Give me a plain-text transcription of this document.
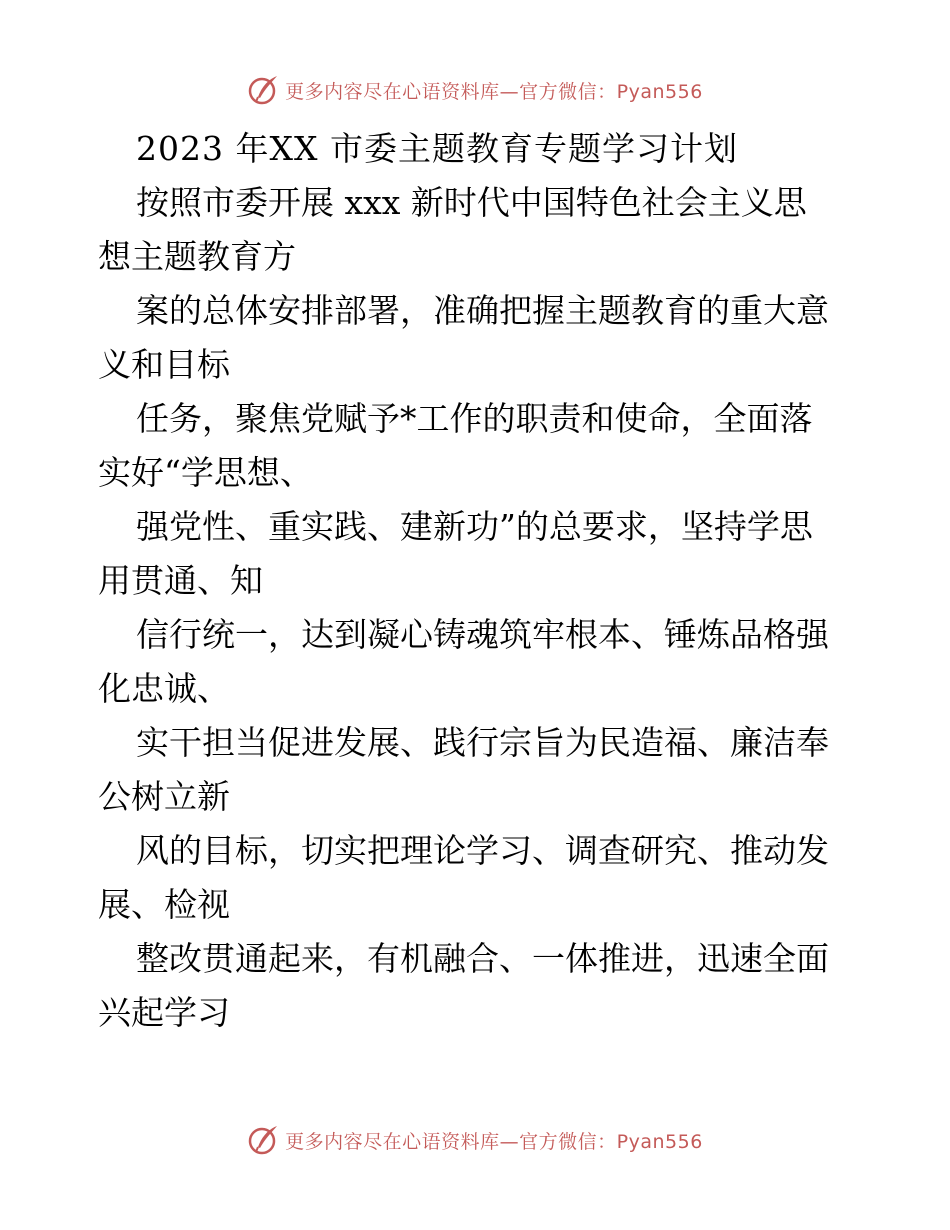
更多内容尽在心语资料库—官方微信：Pyan556
2023 年XX 市委主题教育专题学习计划
按照市委开展 xxx 新时代中国特色社会主义思
想主题教育方
案的总体安排部署，准确把握主题教育的重大意
义和目标
任务，聚焦党赋予*工作的职责和使命，全面落
实好“学思想、
强党性、重实践、建新功”的总要求，坚持学思
用贯通、知
信行统一，达到凝心铸魂筑牢根本、锤炼品格强
化忠诚、
实干担当促进发展、践行宗旨为民造福、廉洁奉
公树立新
风的目标，切实把理论学习、调查研究、推动发
展、检视
整改贯通起来，有机融合、一体推进，迅速全面
兴起学习
更多内容尽在心语资料库—官方微信：Pyan556
